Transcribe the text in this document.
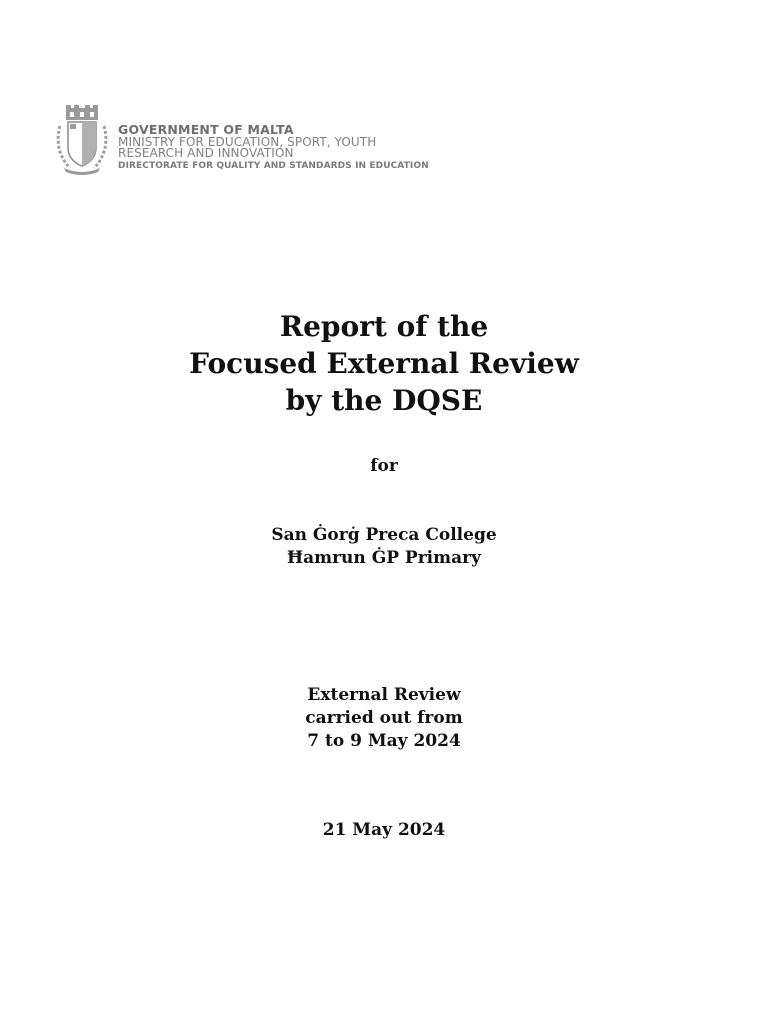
GOVERNMENT OF MALTA
MINISTRY FOR EDUCATION, SPORT, YOUTH
RESEARCH AND INNOVATION
DIRECTORATE FOR QUALITY AND STANDARDS IN EDUCATION
Report of the
Focused External Review
by the DQSE
for
San Ġorġ Preca College
Ħamrun ĠP Primary
External Review
carried out from
7 to 9 May 2024
21 May 2024
